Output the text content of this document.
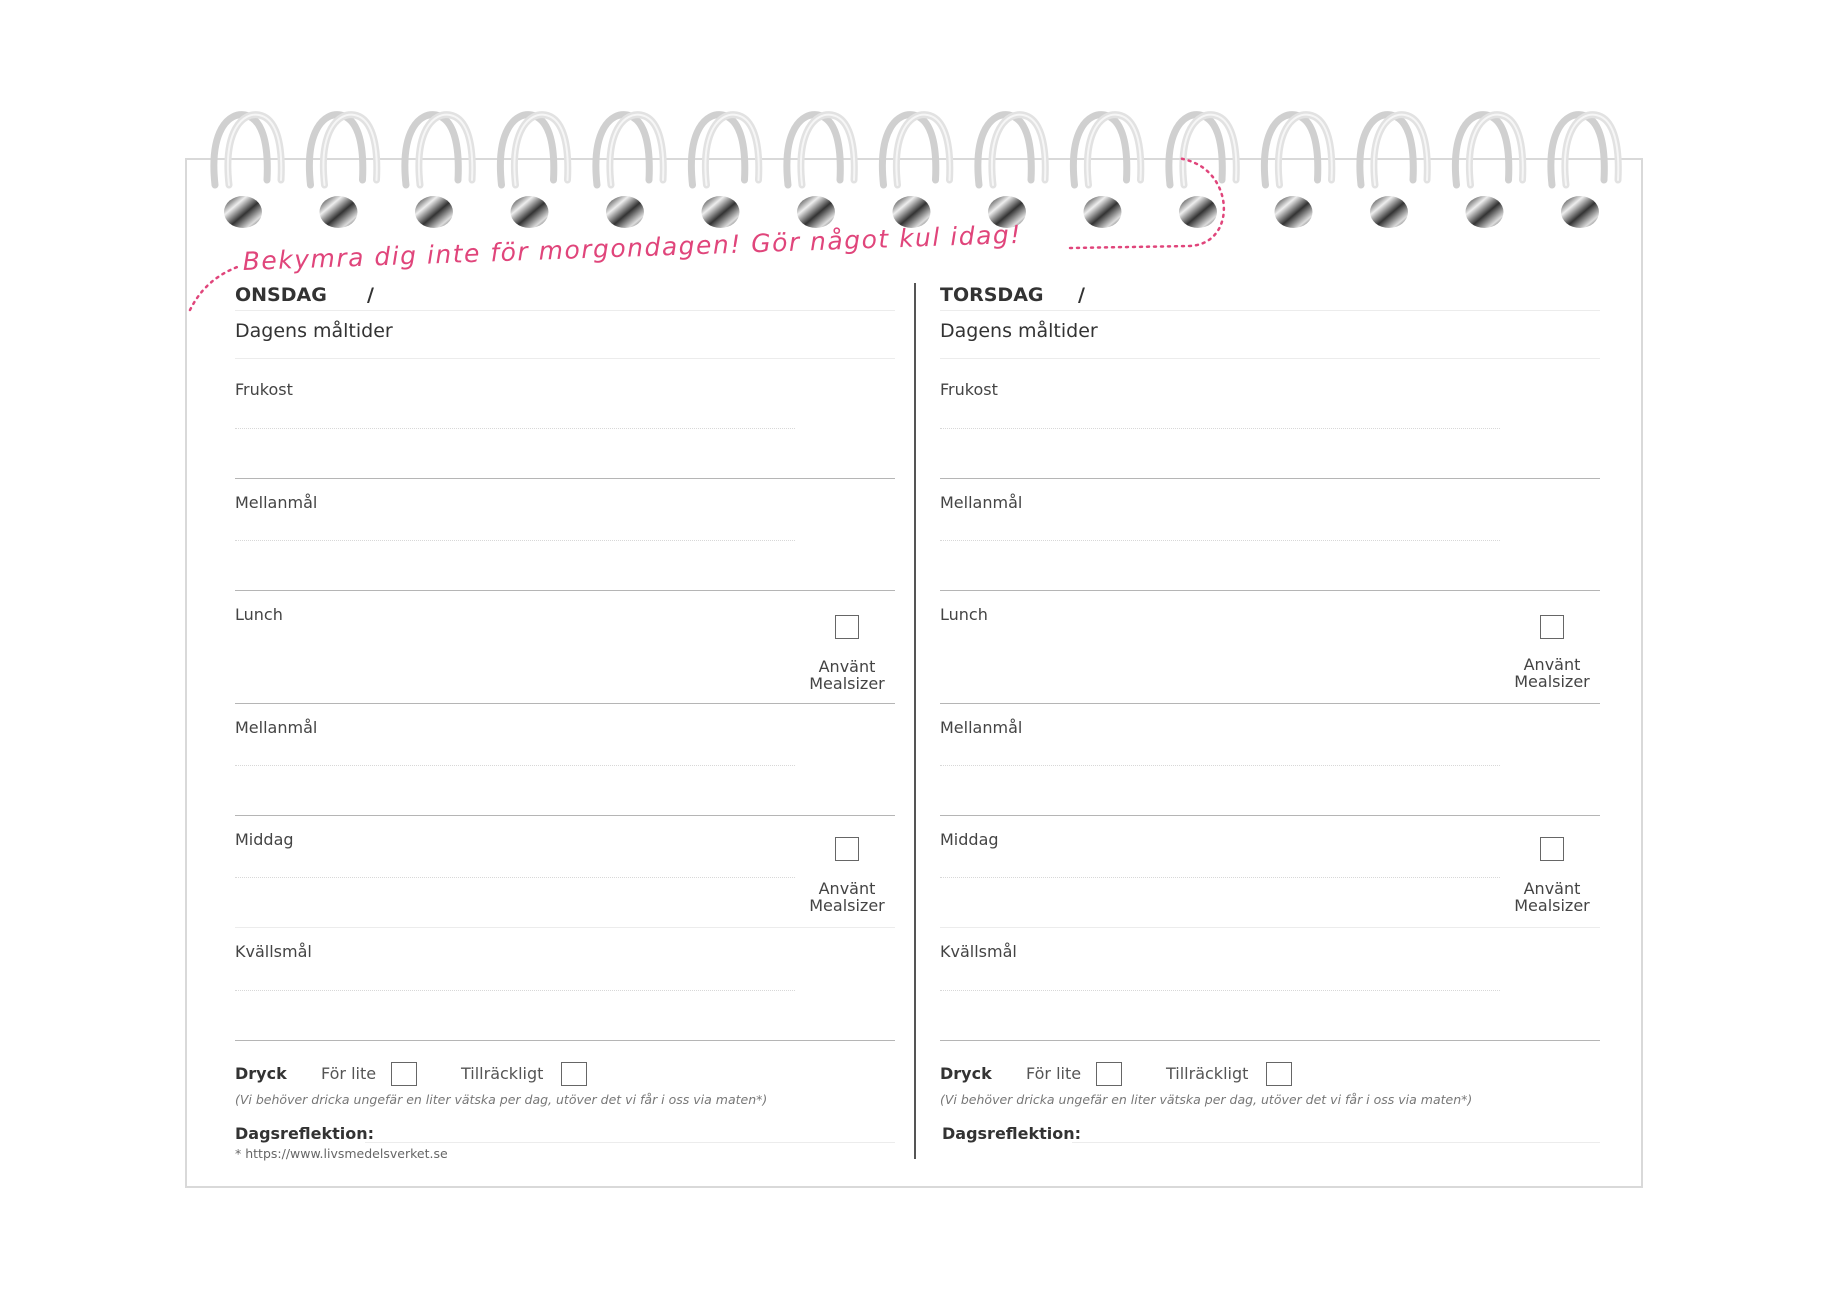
Bekymra dig inte för morgondagen! Gör något kul idag!
ONSDAG /
Dagens måltider
Frukost
Mellanmål
Lunch
Använt
Mealsizer
Mellanmål
Middag
Använt
Mealsizer
Kvällsmål
Dryck För lite	Tillräckligt
(Vi behöver dricka ungefär en liter vätska per dag, utöver det vi får i oss via maten*)
Dagsreflektion:
* https://www.livsmedelsverket.se
TORSDAG /
Dagens måltider
Frukost
Mellanmål
Lunch
Använt
Mealsizer
Mellanmål
Middag
Använt
Mealsizer
Kvällsmål
Dryck För lite	Tillräckligt
(Vi behöver dricka ungefär en liter vätska per dag, utöver det vi får i oss via maten*)
Dagsreflektion:
